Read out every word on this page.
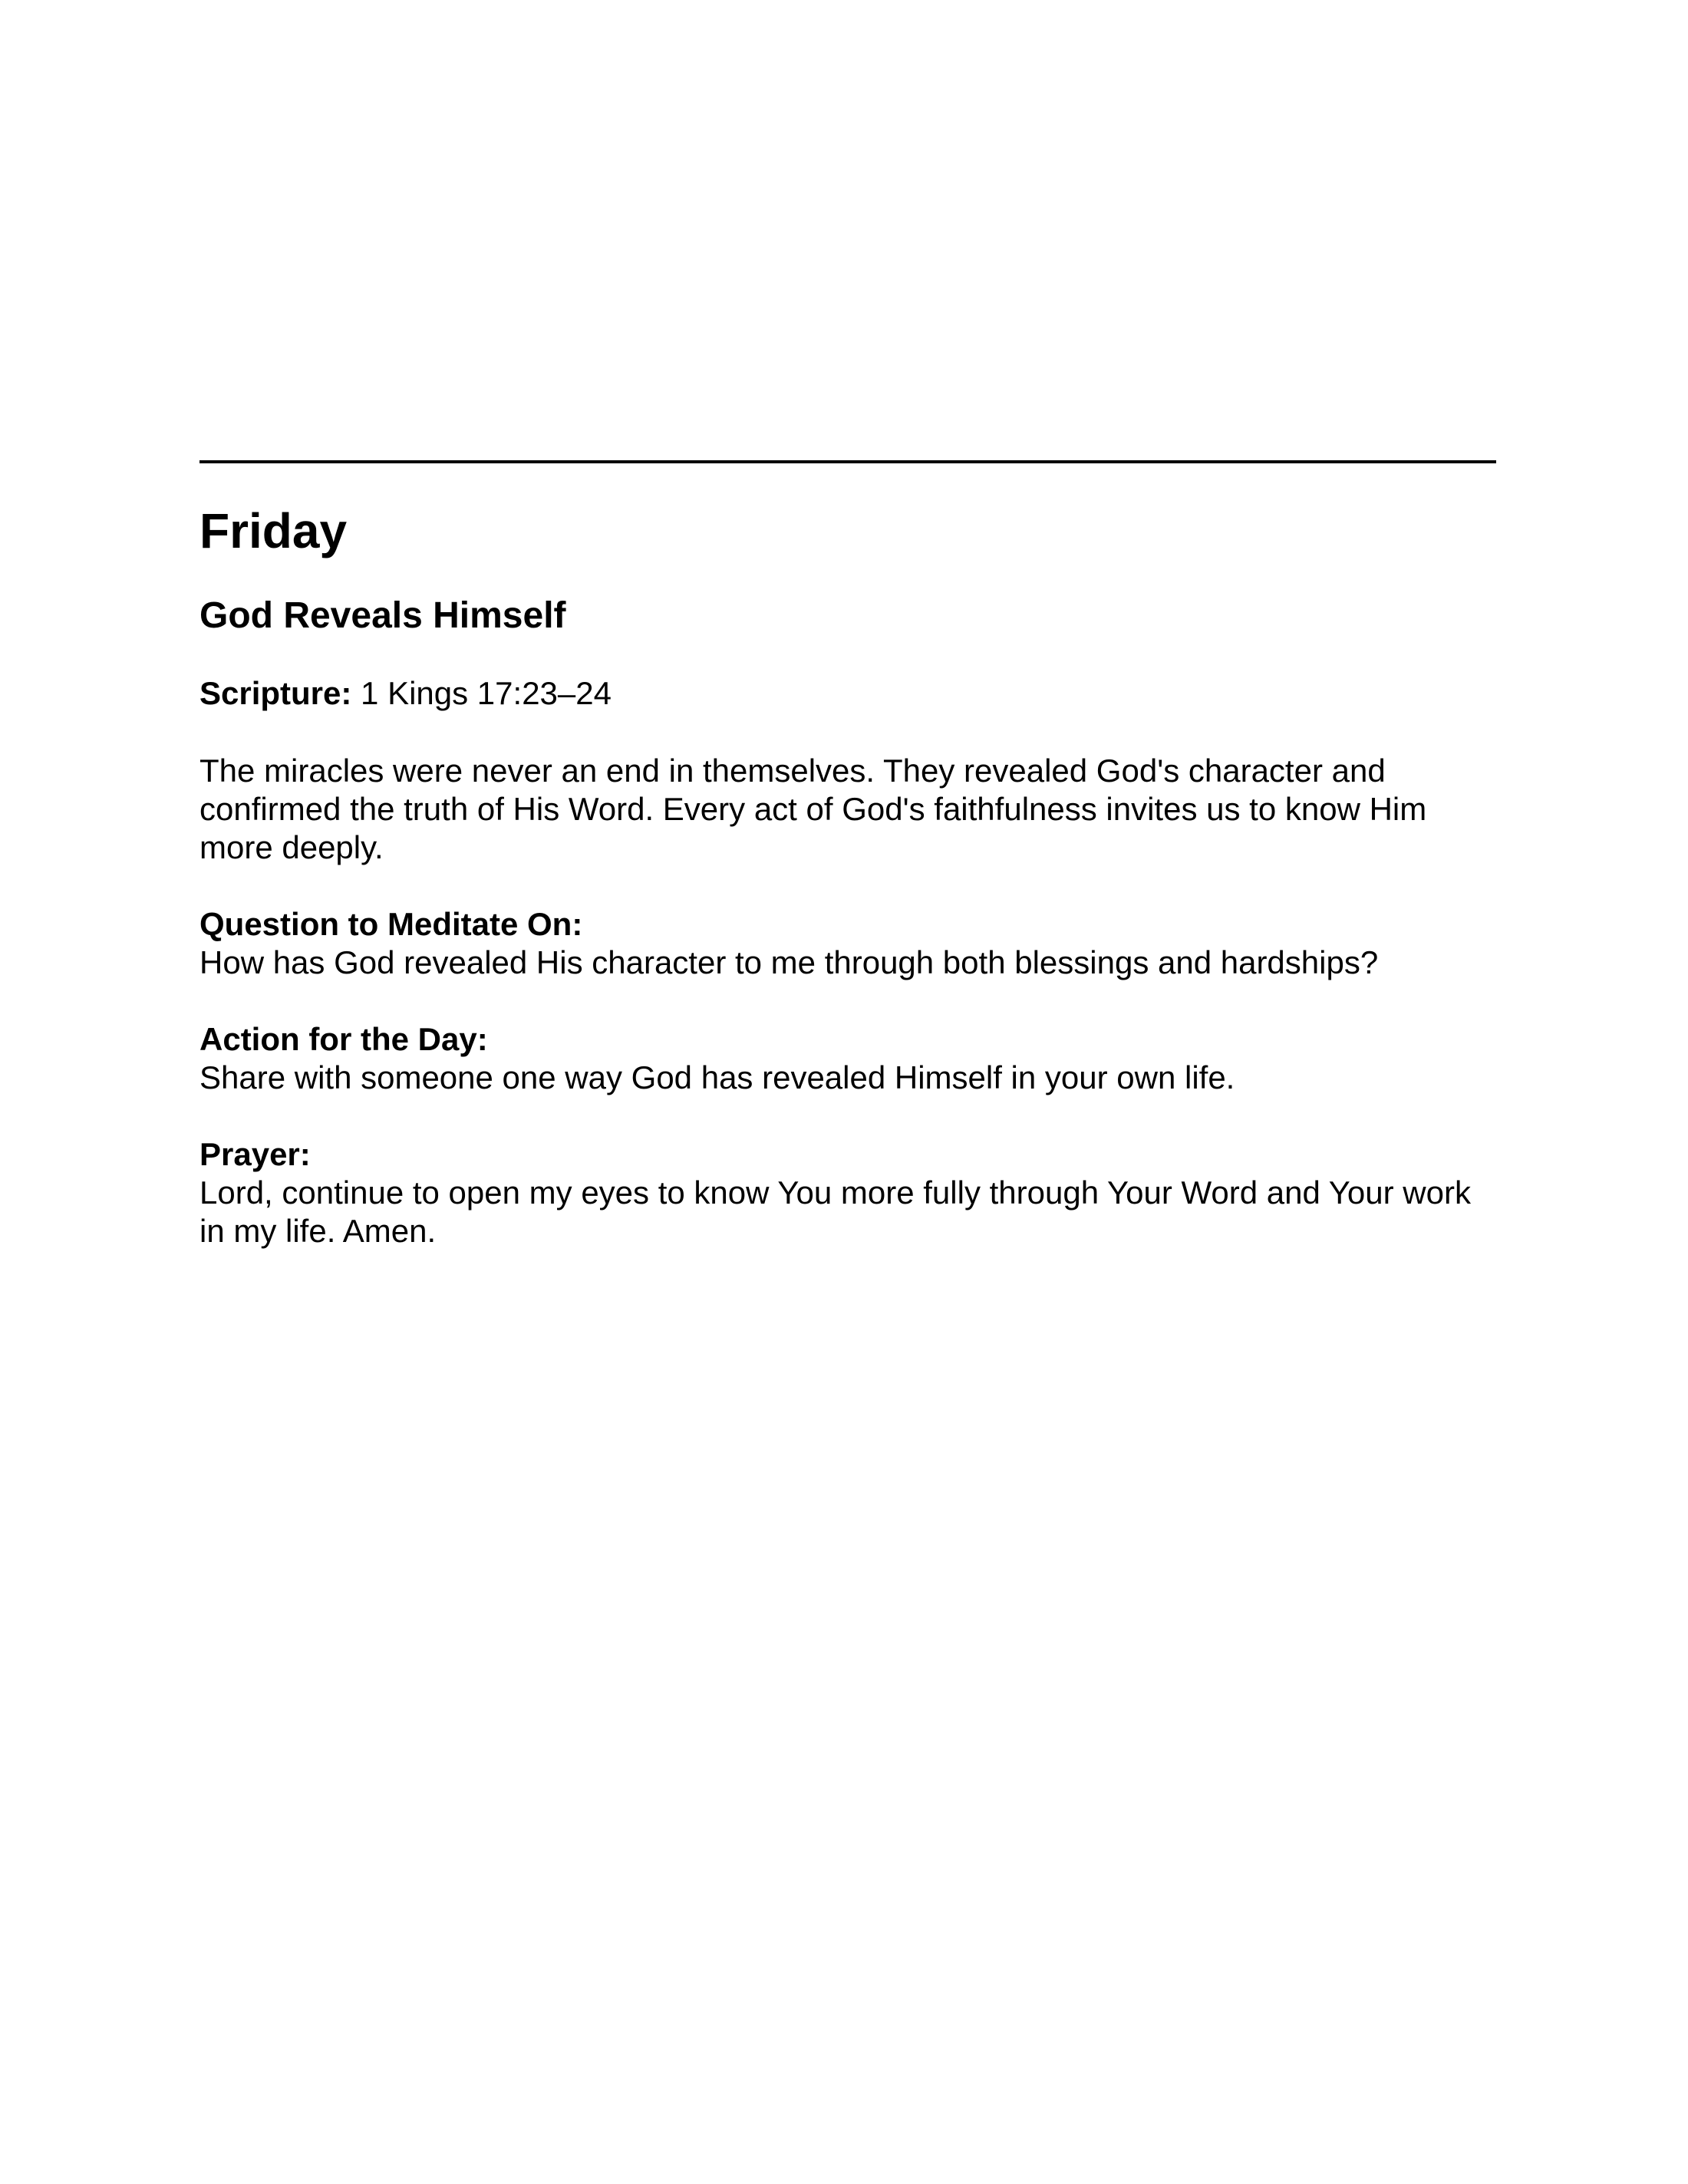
Friday
God Reveals Himself

Scripture: 1 Kings 17:23–24

The miracles were never an end in themselves. They revealed God's character and confirmed the truth of His Word. Every act of God's faithfulness invites us to know Him more deeply.

Question to Meditate On:
How has God revealed His character to me through both blessings and hardships?
Action for the Day:
Share with someone one way God has revealed Himself in your own life.
Prayer:
Lord, continue to open my eyes to know You more fully through Your Word and Your work in my life. Amen.
